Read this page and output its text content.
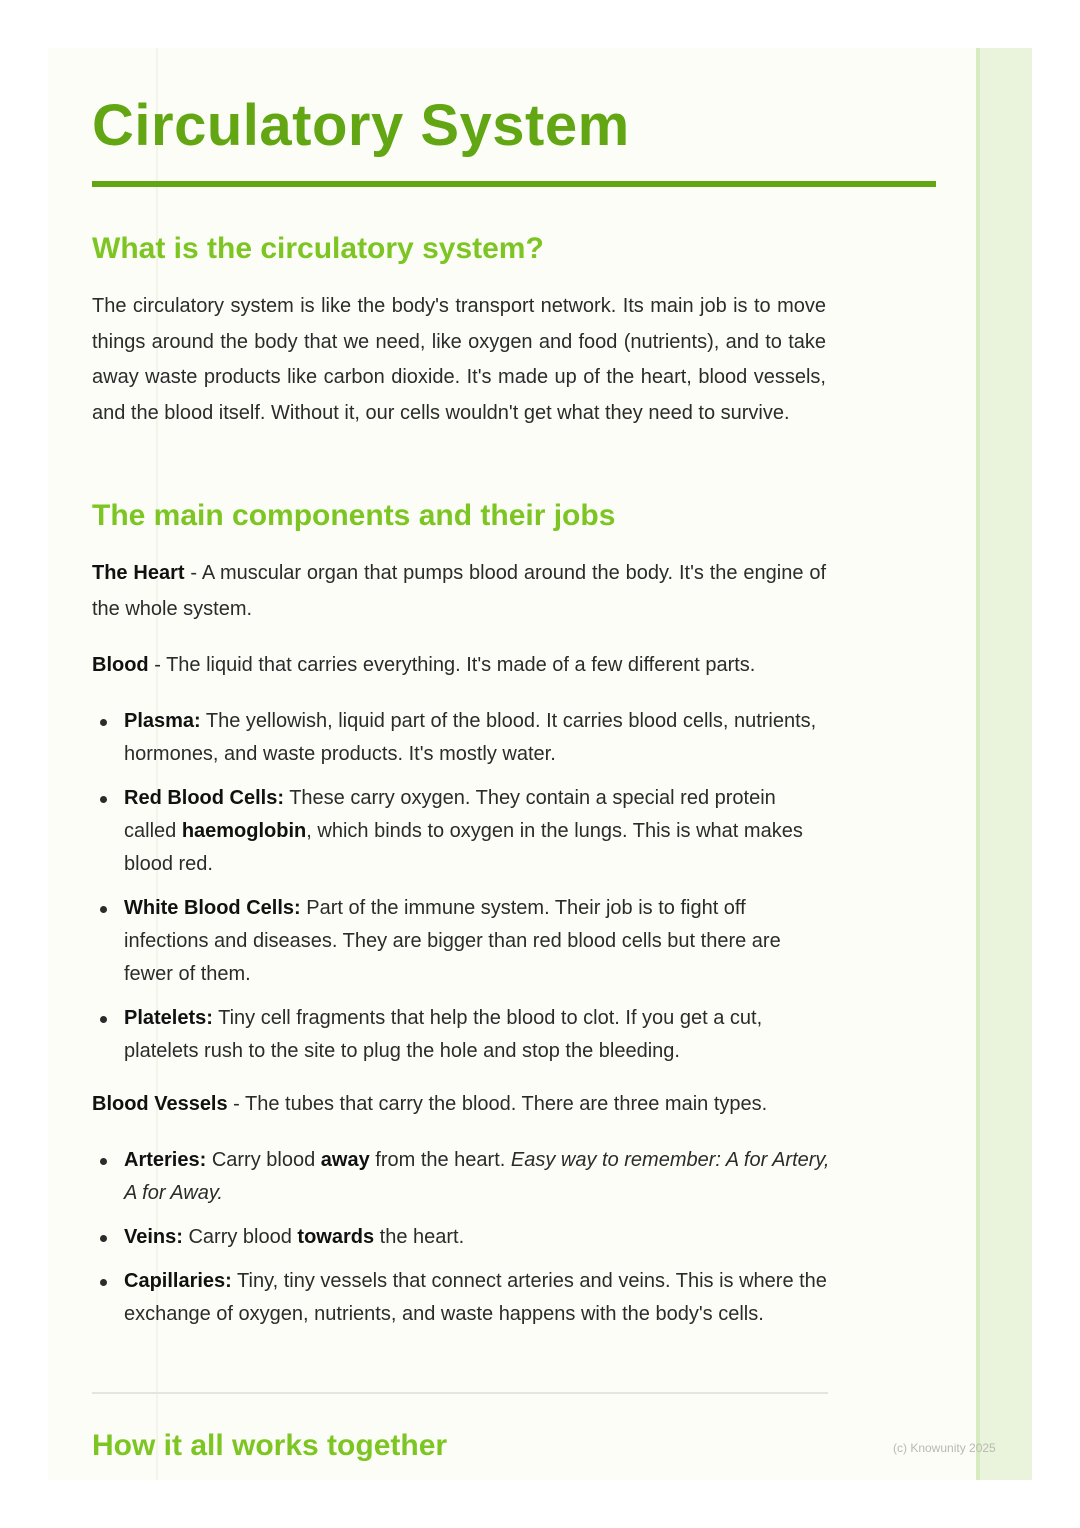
Circulatory System
What is the circulatory system?

The circulatory system is like the body's transport network. Its main job is to move things around the body that we need, like oxygen and food (nutrients), and to take away waste products like carbon dioxide. It's made up of the heart, blood vessels, and the blood itself. Without it, our cells wouldn't get what they need to survive.

The main components and their jobs

The Heart - A muscular organ that pumps blood around the body. It's the engine of the whole system.

Blood - The liquid that carries everything. It's made of a few different parts.

Plasma: The yellowish, liquid part of the blood. It carries blood cells, nutrients, hormones, and waste products. It's mostly water.
Red Blood Cells: These carry oxygen. They contain a special red protein called haemoglobin, which binds to oxygen in the lungs. This is what makes blood red.
White Blood Cells: Part of the immune system. Their job is to fight off infections and diseases. They are bigger than red blood cells but there are fewer of them.
Platelets: Tiny cell fragments that help the blood to clot. If you get a cut, platelets rush to the site to plug the hole and stop the bleeding.

Blood Vessels - The tubes that carry the blood. There are three main types.

Arteries: Carry blood away from the heart. Easy way to remember: A for Artery, A for Away.
Veins: Carry blood towards the heart.
Capillaries: Tiny, tiny vessels that connect arteries and veins. This is where the exchange of oxygen, nutrients, and waste happens with the body's cells.
How it all works together	(c) Knowunity 2025
